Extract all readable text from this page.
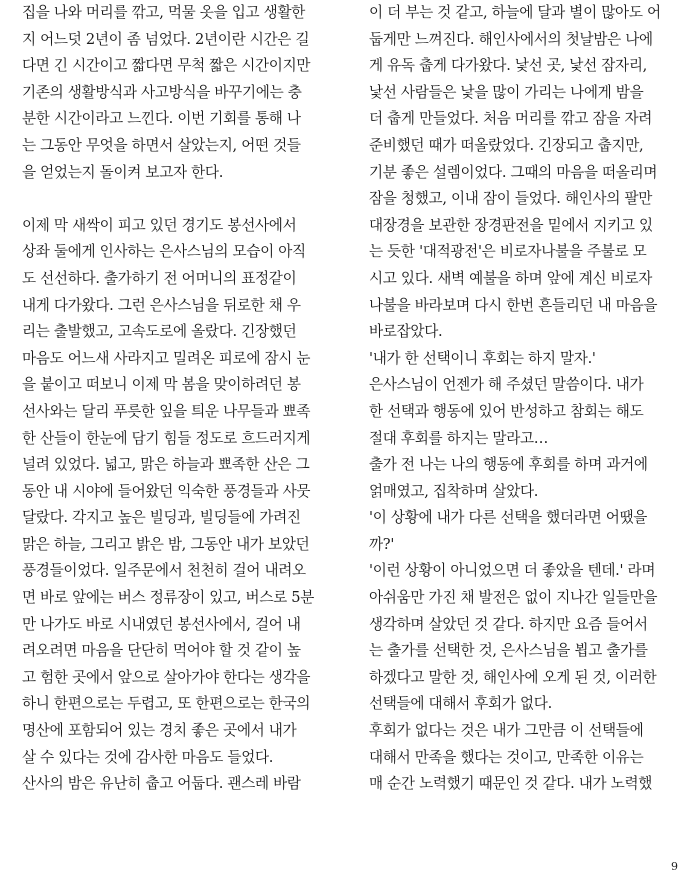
집을 나와 머리를 깎고, 먹물 옷을 입고 생활한
지 어느덧 2년이 좀 넘었다. 2년이란 시간은 길
다면 긴 시간이고 짧다면 무척 짧은 시간이지만
기존의 생활방식과 사고방식을 바꾸기에는 충
분한 시간이라고 느낀다. 이번 기회를 통해 나
는 그동안 무엇을 하면서 살았는지, 어떤 것들
을 얻었는지 돌이켜 보고자 한다.
이제 막 새싹이 피고 있던 경기도 봉선사에서
상좌 둘에게 인사하는 은사스님의 모습이 아직
도 선선하다. 출가하기 전 어머니의 표정같이
내게 다가왔다. 그런 은사스님을 뒤로한 채 우
리는 출발했고, 고속도로에 올랐다. 긴장했던
마음도 어느새 사라지고 밀려온 피로에 잠시 눈
을 붙이고 떠보니 이제 막 봄을 맞이하려던 봉
선사와는 달리 푸릇한 잎을 틔운 나무들과 뾰족
한 산들이 한눈에 담기 힘들 정도로 흐드러지게
널려 있었다. 넓고, 맑은 하늘과 뾰족한 산은 그
동안 내 시야에 들어왔던 익숙한 풍경들과 사뭇
달랐다. 각지고 높은 빌딩과, 빌딩들에 가려진
맑은 하늘, 그리고 밝은 밤, 그동안 내가 보았던
풍경들이었다. 일주문에서 천천히 걸어 내려오
면 바로 앞에는 버스 정류장이 있고, 버스로 5분
만 나가도 바로 시내였던 봉선사에서, 걸어 내
려오려면 마음을 단단히 먹어야 할 것 같이 높
고 험한 곳에서 앞으로 살아가야 한다는 생각을
하니 한편으로는 두렵고, 또 한편으로는 한국의
명산에 포함되어 있는 경치 좋은 곳에서 내가
살 수 있다는 것에 감사한 마음도 들었다.
산사의 밤은 유난히 춥고 어둡다. 괜스레 바람
이 더 부는 것 같고, 하늘에 달과 별이 많아도 어
둡게만 느껴진다. 해인사에서의 첫날밤은 나에
게 유독 춥게 다가왔다. 낯선 곳, 낯선 잠자리,
낯선 사람들은 낯을 많이 가리는 나에게 밤을
더 춥게 만들었다. 처음 머리를 깎고 잠을 자려
준비했던 때가 떠올랐었다. 긴장되고 춥지만,
기분 좋은 설렘이었다. 그때의 마음을 떠올리며
잠을 청했고, 이내 잠이 들었다. 해인사의 팔만
대장경을 보관한 장경판전을 밑에서 지키고 있
는 듯한 '대적광전'은 비로자나불을 주불로 모
시고 있다. 새벽 예불을 하며 앞에 계신 비로자
나불을 바라보며 다시 한번 흔들리던 내 마음을
바로잡았다.
'내가 한 선택이니 후회는 하지 말자.'
은사스님이 언젠가 해 주셨던 말씀이다. 내가
한 선택과 행동에 있어 반성하고 참회는 해도
절대 후회를 하지는 말라고…
출가 전 나는 나의 행동에 후회를 하며 과거에
얽매였고, 집착하며 살았다.
'이 상황에 내가 다른 선택을 했더라면 어땠을
까?'
'이런 상황이 아니었으면 더 좋았을 텐데.' 라며
아쉬움만 가진 채 발전은 없이 지나간 일들만을
생각하며 살았던 것 같다. 하지만 요즘 들어서
는 출가를 선택한 것, 은사스님을 뵙고 출가를
하겠다고 말한 것, 해인사에 오게 된 것, 이러한
선택들에 대해서 후회가 없다.
후회가 없다는 것은 내가 그만큼 이 선택들에
대해서 만족을 했다는 것이고, 만족한 이유는
매 순간 노력했기 때문인 것 같다. 내가 노력했
9
